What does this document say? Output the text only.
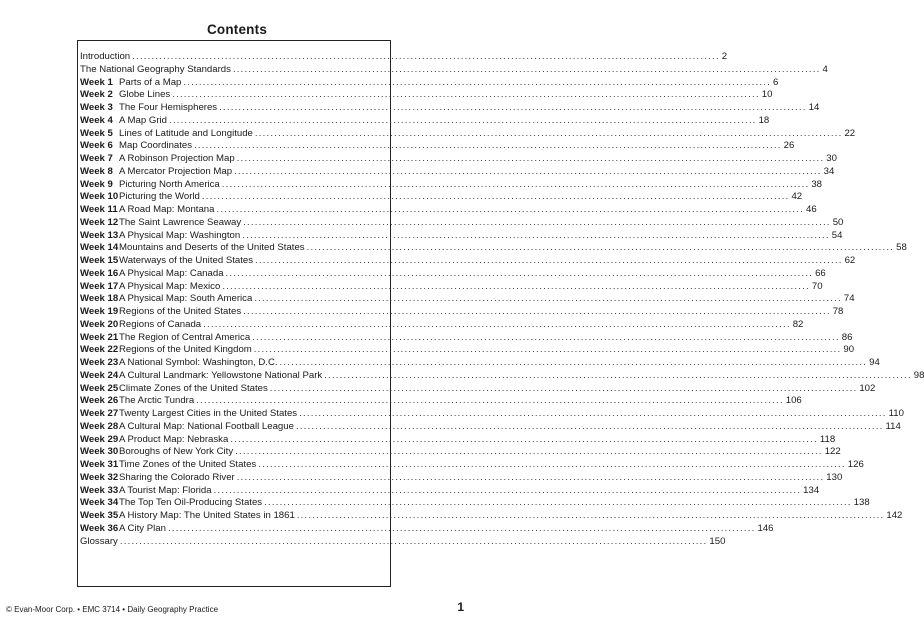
Contents
Introduction .....	2
The National Geography Standards .....	4
Week 1 Parts of a Map .....	6
Week 2 Globe Lines .....	10
Week 3 The Four Hemispheres .....	14
Week 4 A Map Grid .....	18
Week 5 Lines of Latitude and Longitude .....	22
Week 6 Map Coordinates .....	26
Week 7 A Robinson Projection Map .....	30
Week 8 A Mercator Projection Map .....	34
Week 9 Picturing North America .....	38
Week 10 Picturing the World .....	42
Week 11 A Road Map: Montana .....	46
Week 12 The Saint Lawrence Seaway .....	50
Week 13 A Physical Map: Washington .....	54
Week 14 Mountains and Deserts of the United States .....	58
Week 15 Waterways of the United States .....	62
Week 16 A Physical Map: Canada .....	66
Week 17 A Physical Map: Mexico .....	70
Week 18 A Physical Map: South America .....	74
Week 19 Regions of the United States .....	78
Week 20 Regions of Canada .....	82
Week 21 The Region of Central America .....	86
Week 22 Regions of the United Kingdom .....	90
Week 23 A National Symbol: Washington, D.C. .....	94
Week 24 A Cultural Landmark: Yellowstone National Park .....	98
Week 25 Climate Zones of the United States .....	102
Week 26 The Arctic Tundra .....	106
Week 27 Twenty Largest Cities in the United States .....	110
Week 28 A Cultural Map: National Football League .....	114
Week 29 A Product Map: Nebraska .....	118
Week 30 Boroughs of New York City .....	122
Week 31 Time Zones of the United States .....	126
Week 32 Sharing the Colorado River .....	130
Week 33 A Tourist Map: Florida .....	134
Week 34 The Top Ten Oil-Producing States .....	138
Week 35 A History Map: The United States in 1861 .....	142
Week 36 A City Plan .....	146
Glossary .....	150
© Evan-Moor Corp. • EMC 3714 • Daily Geography Practice	1
